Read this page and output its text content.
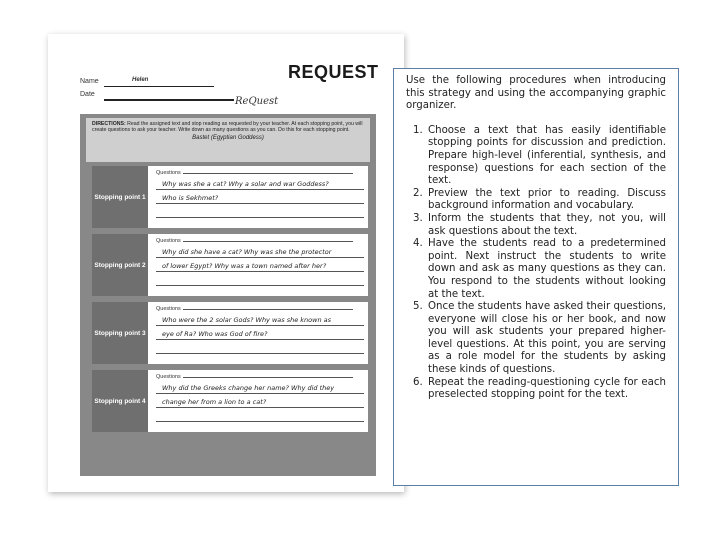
REQUEST
Name	Helen
Date
ReQuest
DIRECTIONS: Read the assigned text and stop reading as requested by your teacher. At each stopping point, you will create questions to ask your teacher. Write down as many questions as you can. Do this for each stopping point.
Bastet (Egyptian Goddess)
Stopping point 1
Questions
Why was she a cat? Why a solar and war Goddess?
Who is Sekhmet?
Stopping point 2
Questions
Why did she have a cat? Why was she the protector
of lower Egypt? Why was a town named after her?
Stopping point 3
Questions
Who were the 2 solar Gods? Why was she known as
eye of Ra? Who was God of fire?
Stopping point 4
Questions
Why did the Greeks change her name? Why did they
change her from a lion to a cat?

Use the following procedures when introducing this strategy and using the accompanying graphic organizer.

1. Choose a text that has easily identifiable stopping points for discussion and prediction. Prepare high-level (inferential, synthesis, and response) questions for each section of the text.
2. Preview the text prior to reading. Discuss background information and vocabulary.
3. Inform the students that they, not you, will ask questions about the text.
4. Have the students read to a predetermined point. Next instruct the students to write down and ask as many questions as they can. You respond to the students without looking at the text.
5. Once the students have asked their questions, everyone will close his or her book, and now you will ask students your prepared higher-level questions. At this point, you are serving as a role model for the students by asking these kinds of questions.
6. Repeat the reading-questioning cycle for each preselected stopping point for the text.
